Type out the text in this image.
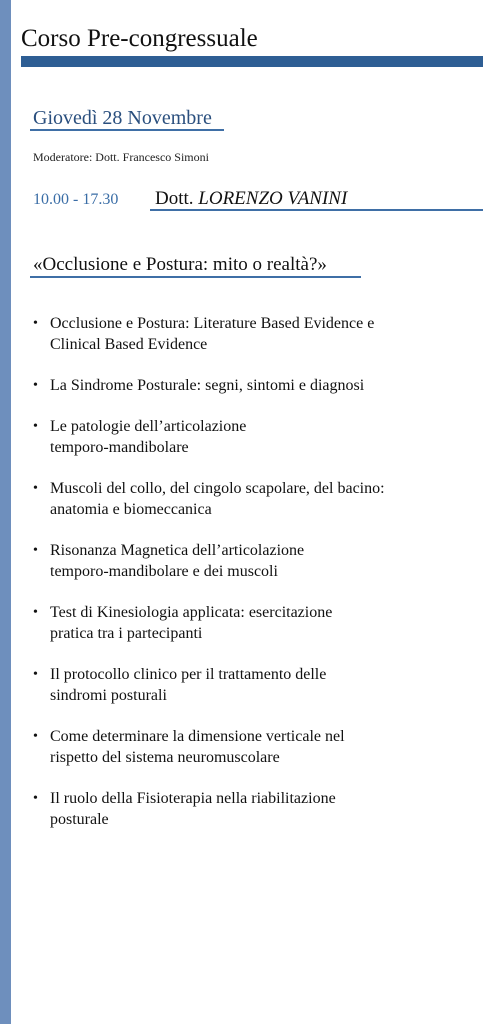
Corso Pre-congressuale
Giovedì 28 Novembre
Moderatore: Dott. Francesco Simoni
10.00 - 17.30 Dott. LORENZO VANINI
«Occlusione e Postura: mito o realtà?»
• Occlusione e Postura: Literature Based Evidence e
Clinical Based Evidence
• La Sindrome Posturale: segni, sintomi e diagnosi
• Le patologie dell’articolazione
temporo-mandibolare
• Muscoli del collo, del cingolo scapolare, del bacino:
anatomia e biomeccanica
• Risonanza Magnetica dell’articolazione
temporo-mandibolare e dei muscoli
• Test di Kinesiologia applicata: esercitazione
pratica tra i partecipanti
• Il protocollo clinico per il trattamento delle
sindromi posturali
• Come determinare la dimensione verticale nel
rispetto del sistema neuromuscolare
• Il ruolo della Fisioterapia nella riabilitazione
posturale
